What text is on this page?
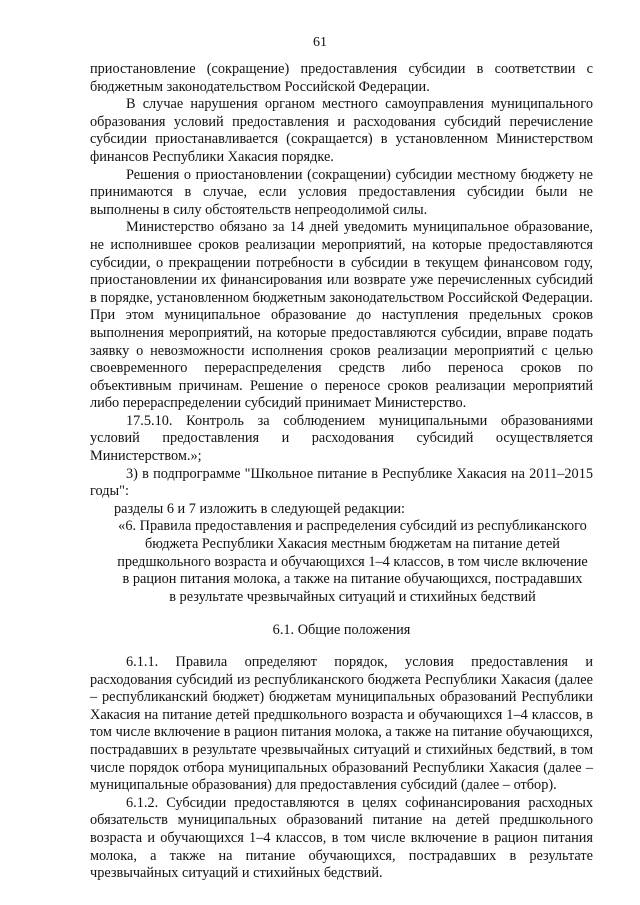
61

приостановление (сокращение) предоставления субсидии в соответствии с бюджетным законодательством Российской Федерации.

В случае нарушения органом местного самоуправления муниципального образования условий предоставления и расходования субсидий перечисление субсидии приостанавливается (сокращается) в установленном Министерством финансов Республики Хакасия порядке.

Решения о приостановлении (сокращении) субсидии местному бюджету не принимаются в случае, если условия предоставления субсидии были не выполнены в силу обстоятельств непреодолимой силы.

Министерство обязано за 14 дней уведомить муниципальное образование, не исполнившее сроков реализации мероприятий, на которые предоставляются субсидии, о прекращении потребности в субсидии в текущем финансовом году, приостановлении их финансирования или возврате уже перечисленных субсидий в порядке, установленном бюджетным законодательством Российской Федерации. При этом муниципальное образование до наступления предельных сроков выполнения мероприятий, на которые предоставляются субсидии, вправе подать заявку о невозможности исполнения сроков реализации мероприятий с целью своевременного перераспределения средств либо переноса сроков по объективным причинам. Решение о переносе сроков реализации мероприятий либо перераспределении субсидий принимает Министерство.

17.5.10. Контроль за соблюдением муниципальными образованиями условий предоставления и расходования субсидий осуществляется Министерством.»;

3) в подпрограмме "Школьное питание в Республике Хакасия на 2011–2015 годы":

разделы 6 и 7 изложить в следующей редакции:

«6. Правила предоставления и распределения субсидий из республиканского
бюджета Республики Хакасия местным бюджетам на питание детей
предшкольного возраста и обучающихся 1–4 классов, в том числе включение
в рацион питания молока, а также на питание обучающихся, пострадавших
в результате чрезвычайных ситуаций и стихийных бедствий
6.1. Общие положения

6.1.1. Правила определяют порядок, условия предоставления и расходования субсидий из республиканского бюджета Республики Хакасия (далее – республиканский бюджет) бюджетам муниципальных образований Республики Хакасия на питание детей предшкольного возраста и обучающихся 1–4 классов, в том числе включение в рацион питания молока, а также на питание обучающихся, пострадавших в результате чрезвычайных ситуаций и стихийных бедствий, в том числе порядок отбора муниципальных образований Республики Хакасия (далее – муниципальные образования) для предоставления субсидий (далее – отбор).

6.1.2. Субсидии предоставляются в целях софинансирования расходных обязательств муниципальных образований питание на детей предшкольного возраста и обучающихся 1–4 классов, в том числе включение в рацион питания молока, а также на питание обучающихся, пострадавших в результате чрезвычайных ситуаций и стихийных бедствий.
